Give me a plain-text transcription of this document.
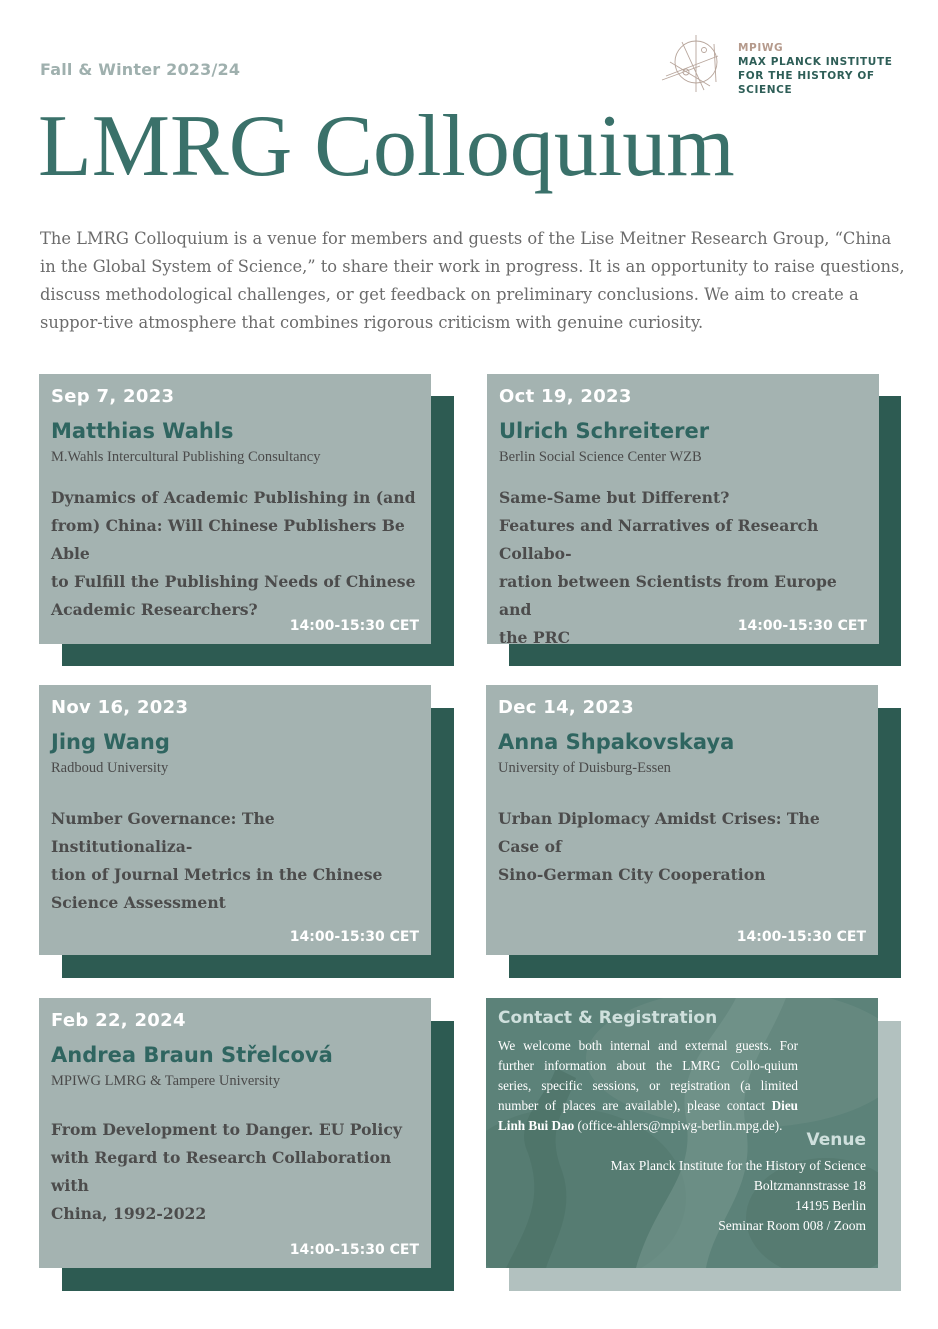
Fall & Winter 2023/24
MPIWG
MAX PLANCK INSTITUTE
FOR THE HISTORY OF SCIENCE
LMRG Colloquium
The LMRG Colloquium is a venue for members and guests of the Lise Meitner Research Group, “China in the Global System of Science,” to share their work in progress. It is an opportunity to raise questions, discuss methodological challenges, or get feedback on preliminary conclusions. We aim to create a suppor-tive atmosphere that combines rigorous criticism with genuine curiosity.
Sep 7, 2023
Matthias Wahls
M.Wahls Intercultural Publishing Consultancy
Dynamics of Academic Publishing in (and
from) China: Will Chinese Publishers Be Able
to Fulfill the Publishing Needs of Chinese
Academic Researchers?
14:00-15:30 CET
Oct 19, 2023
Ulrich Schreiterer
Berlin Social Science Center WZB
Same-Same but Different?
Features and Narratives of Research Collabo-
ration between Scientists from Europe and
the PRC
14:00-15:30 CET
Nov 16, 2023
Jing Wang
Radboud University
Number Governance: The Institutionaliza-
tion of Journal Metrics in the Chinese
Science Assessment
14:00-15:30 CET
Dec 14, 2023
Anna Shpakovskaya
University of Duisburg-Essen
Urban Diplomacy Amidst Crises: The Case of
Sino-German City Cooperation
14:00-15:30 CET
Feb 22, 2024
Andrea Braun Střelcová
MPIWG LMRG & Tampere University
From Development to Danger. EU Policy
with Regard to Research Collaboration with
China, 1992-2022
14:00-15:30 CET
Contact & Registration
We welcome both internal and external guests. For further information about the LMRG Collo-quium series, specific sessions, or registration (a limited number of places are available), please contact Dieu Linh Bui Dao (office-ahlers@mpiwg-berlin.mpg.de).
Venue
Max Planck Institute for the History of Science
Boltzmannstrasse 18
14195 Berlin
Seminar Room 008 / Zoom
